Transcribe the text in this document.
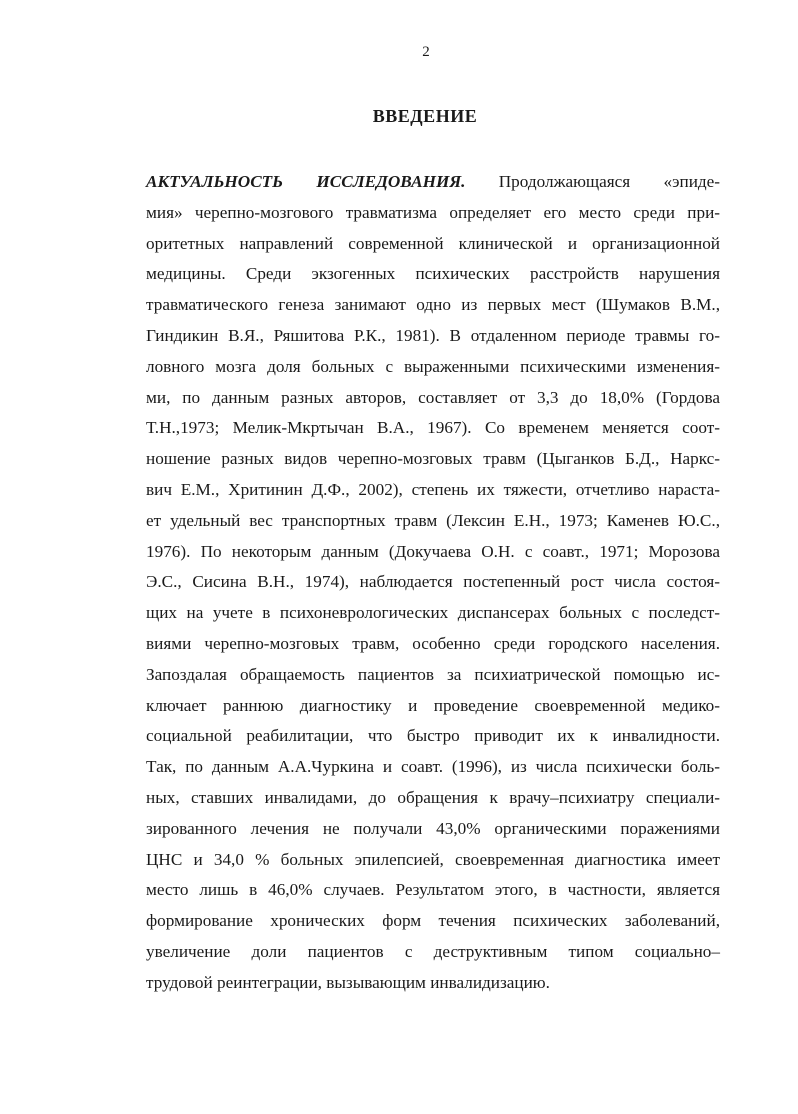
2
ВВЕДЕНИЕ
АКТУАЛЬНОСТЬ ИССЛЕДОВАНИЯ. Продолжающаяся «эпиде-
мия» черепно-мозгового травматизма определяет его место среди при-
оритетных направлений современной клинической и организационной
медицины. Среди экзогенных психических расстройств нарушения
травматического генеза занимают одно из первых мест (Шумаков В.М.,
Гиндикин В.Я., Ряшитова Р.К., 1981). В отдаленном периоде травмы го-
ловного мозга доля больных с выраженными психическими изменения-
ми, по данным разных авторов, составляет от 3,3 до 18,0% (Гордова
Т.Н.,1973; Мелик-Мкртычан В.А., 1967). Со временем меняется соот-
ношение разных видов черепно-мозговых травм (Цыганков Б.Д., Наркс-
вич Е.М., Хритинин Д.Ф., 2002), степень их тяжести, отчетливо нараста-
ет удельный вес транспортных травм (Лексин Е.Н., 1973; Каменев Ю.С.,
1976). По некоторым данным (Докучаева О.Н. с соавт., 1971; Морозова
Э.С., Сисина В.Н., 1974), наблюдается постепенный рост числа состоя-
щих на учете в психоневрологических диспансерах больных с последст-
виями черепно-мозговых травм, особенно среди городского населения.
Запоздалая обращаемость пациентов за психиатрической помощью ис-
ключает раннюю диагностику и проведение своевременной медико-
социальной реабилитации, что быстро приводит их к инвалидности.
Так, по данным А.А.Чуркина и соавт. (1996), из числа психически боль-
ных, ставших инвалидами, до обращения к врачу–психиатру специали-
зированного лечения не получали 43,0% органическими поражениями
ЦНС и 34,0 % больных эпилепсией, своевременная диагностика имеет
место лишь в 46,0% случаев. Результатом этого, в частности, является
формирование хронических форм течения психических заболеваний,
увеличение доли пациентов с деструктивным типом социально–
трудовой реинтеграции, вызывающим инвалидизацию.
